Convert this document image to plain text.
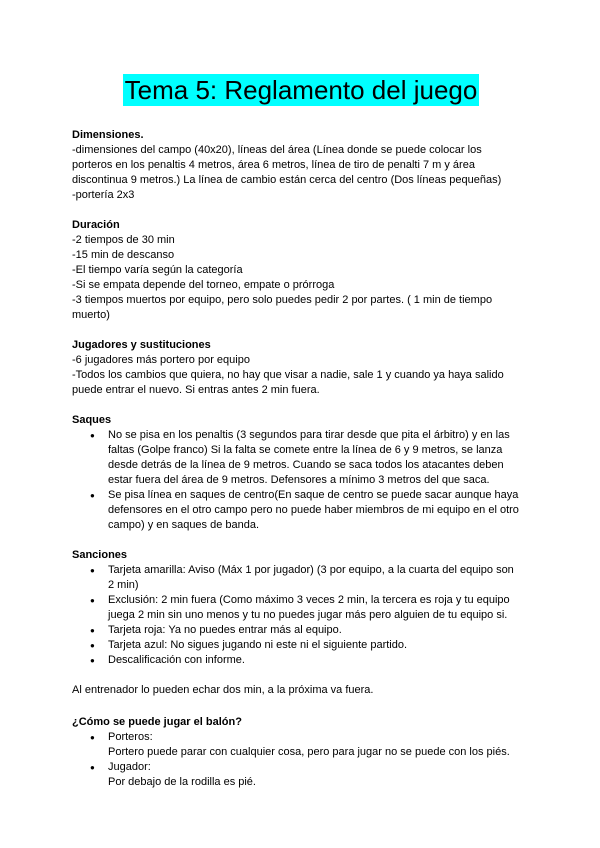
Tema 5: Reglamento del juego
Dimensiones.
-dimensiones del campo (40x20), líneas del área (Línea donde se puede colocar los
porteros en los penaltis 4 metros, área 6 metros, línea de tiro de penalti 7 m y área
discontinua 9 metros.) La línea de cambio están cerca del centro (Dos líneas pequeñas)
-portería 2x3
Duración
-2 tiempos de 30 min
-15 min de descanso
-El tiempo varía según la categoría
-Si se empata depende del torneo, empate o prórroga
-3 tiempos muertos por equipo, pero solo puedes pedir 2 por partes. ( 1 min de tiempo
muerto)
Jugadores y sustituciones
-6 jugadores más portero por equipo
-Todos los cambios que quiera, no hay que visar a nadie, sale 1 y cuando ya haya salido
puede entrar el nuevo. Si entras antes 2 min fuera.
Saques
● No se pisa en los penaltis (3 segundos para tirar desde que pita el árbitro) y en las
faltas (Golpe franco) Si la falta se comete entre la línea de 6 y 9 metros, se lanza
desde detrás de la línea de 9 metros. Cuando se saca todos los atacantes deben
estar fuera del área de 9 metros. Defensores a mínimo 3 metros del que saca.
● Se pisa línea en saques de centro(En saque de centro se puede sacar aunque haya
defensores en el otro campo pero no puede haber miembros de mi equipo en el otro
campo) y en saques de banda.
Sanciones
● Tarjeta amarilla: Aviso (Máx 1 por jugador) (3 por equipo, a la cuarta del equipo son
2 min)
● Exclusión: 2 min fuera (Como máximo 3 veces 2 min, la tercera es roja y tu equipo
juega 2 min sin uno menos y tu no puedes jugar más pero alguien de tu equipo si.
● Tarjeta roja: Ya no puedes entrar más al equipo.
● Tarjeta azul: No sigues jugando ni este ni el siguiente partido.
● Descalificación con informe.
Al entrenador lo pueden echar dos min, a la próxima va fuera.
¿Cómo se puede jugar el balón?
● Porteros:
Portero puede parar con cualquier cosa, pero para jugar no se puede con los piés.
● Jugador:
Por debajo de la rodilla es pié.
